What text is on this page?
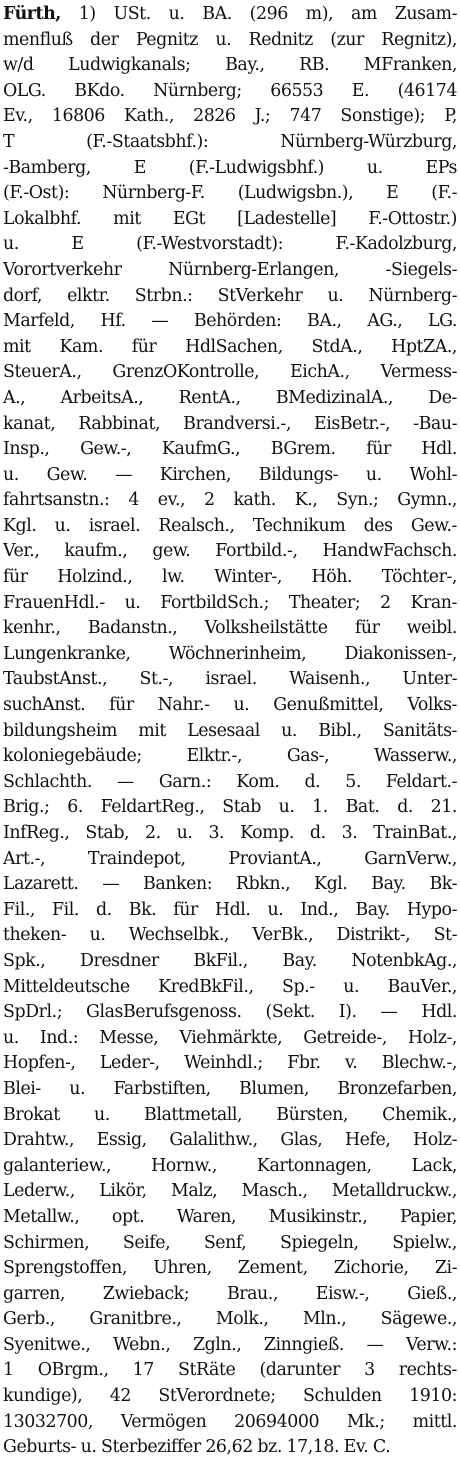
Fürth, 1) USt. u. BA. (296 m), am Zusam-
menfluß der Pegnitz u. Rednitz (zur Regnitz),
w/d Ludwigkanals; Bay., RB. MFranken,
OLG. BKdo. Nürnberg; 66553 E. (46174
Ev., 16806 Kath., 2826 J.; 747 Sonstige); P,
T (F.-Staatsbhf.): Nürnberg-Würzburg,
-Bamberg, E (F.-Ludwigsbhf.) u. EPs
(F.-Ost): Nürnberg-F. (Ludwigsbn.), E (F.-
Lokalbhf. mit EGt [Ladestelle] F.-Ottostr.)
u. E (F.-Westvorstadt): F.-Kadolzburg,
Vorortverkehr Nürnberg-Erlangen, -Siegels-
dorf, elktr. Strbn.: StVerkehr u. Nürnberg-
Marfeld, Hf. — Behörden: BA., AG., LG.
mit Kam. für HdlSachen, StdA., HptZA.,
SteuerA., GrenzOKontrolle, EichA., Vermess-
A., ArbeitsA., RentA., BMedizinalA., De-
kanat, Rabbinat, Brandversi.-, EisBetr.-, -Bau-
Insp., Gew.-, KaufmG., BGrem. für Hdl.
u. Gew. — Kirchen, Bildungs- u. Wohl-
fahrtsanstn.: 4 ev., 2 kath. K., Syn.; Gymn.,
Kgl. u. israel. Realsch., Technikum des Gew.-
Ver., kaufm., gew. Fortbild.-, HandwFachsch.
für Holzind., lw. Winter-, Höh. Töchter-,
FrauenHdl.- u. FortbildSch.; Theater; 2 Kran-
kenhr., Badanstn., Volksheilstätte für weibl.
Lungenkranke, Wöchnerinheim, Diakonissen-,
TaubstAnst., St.-, israel. Waisenh., Unter-
suchAnst. für Nahr.- u. Genußmittel, Volks-
bildungsheim mit Lesesaal u. Bibl., Sanitäts-
koloniegebäude; Elktr.-, Gas-, Wasserw.,
Schlachth. — Garn.: Kom. d. 5. Feldart.-
Brig.; 6. FeldartReg., Stab u. 1. Bat. d. 21.
InfReg., Stab, 2. u. 3. Komp. d. 3. TrainBat.,
Art.-, Traindepot, ProviantA., GarnVerw.,
Lazarett. — Banken: Rbkn., Kgl. Bay. Bk-
Fil., Fil. d. Bk. für Hdl. u. Ind., Bay. Hypo-
theken- u. Wechselbk., VerBk., Distrikt-, St-
Spk., Dresdner BkFil., Bay. NotenbkAg.,
Mitteldeutsche KredBkFil., Sp.- u. BauVer.,
SpDrl.; GlasBerufsgenoss. (Sekt. I). — Hdl.
u. Ind.: Messe, Viehmärkte, Getreide-, Holz-,
Hopfen-, Leder-, Weinhdl.; Fbr. v. Blechw.-,
Blei- u. Farbstiften, Blumen, Bronzefarben,
Brokat u. Blattmetall, Bürsten, Chemik.,
Drahtw., Essig, Galalithw., Glas, Hefe, Holz-
galanteriew., Hornw., Kartonnagen, Lack,
Lederw., Likör, Malz, Masch., Metalldruckw.,
Metallw., opt. Waren, Musikinstr., Papier,
Schirmen, Seife, Senf, Spiegeln, Spielw.,
Sprengstoffen, Uhren, Zement, Zichorie, Zi-
garren, Zwieback; Brau., Eisw.-, Gieß.,
Gerb., Granitbre., Molk., Mln., Sägewe.,
Syenitwe., Webn., Zgln., Zinngieß. — Verw.:
1 OBrgm., 17 StRäte (darunter 3 rechts-
kundige), 42 StVerordnete; Schulden 1910:
13032700, Vermögen 20694000 Mk.; mittl.
Geburts- u. Sterbeziffer 26,62 bz. 17,18. Ev. C.
